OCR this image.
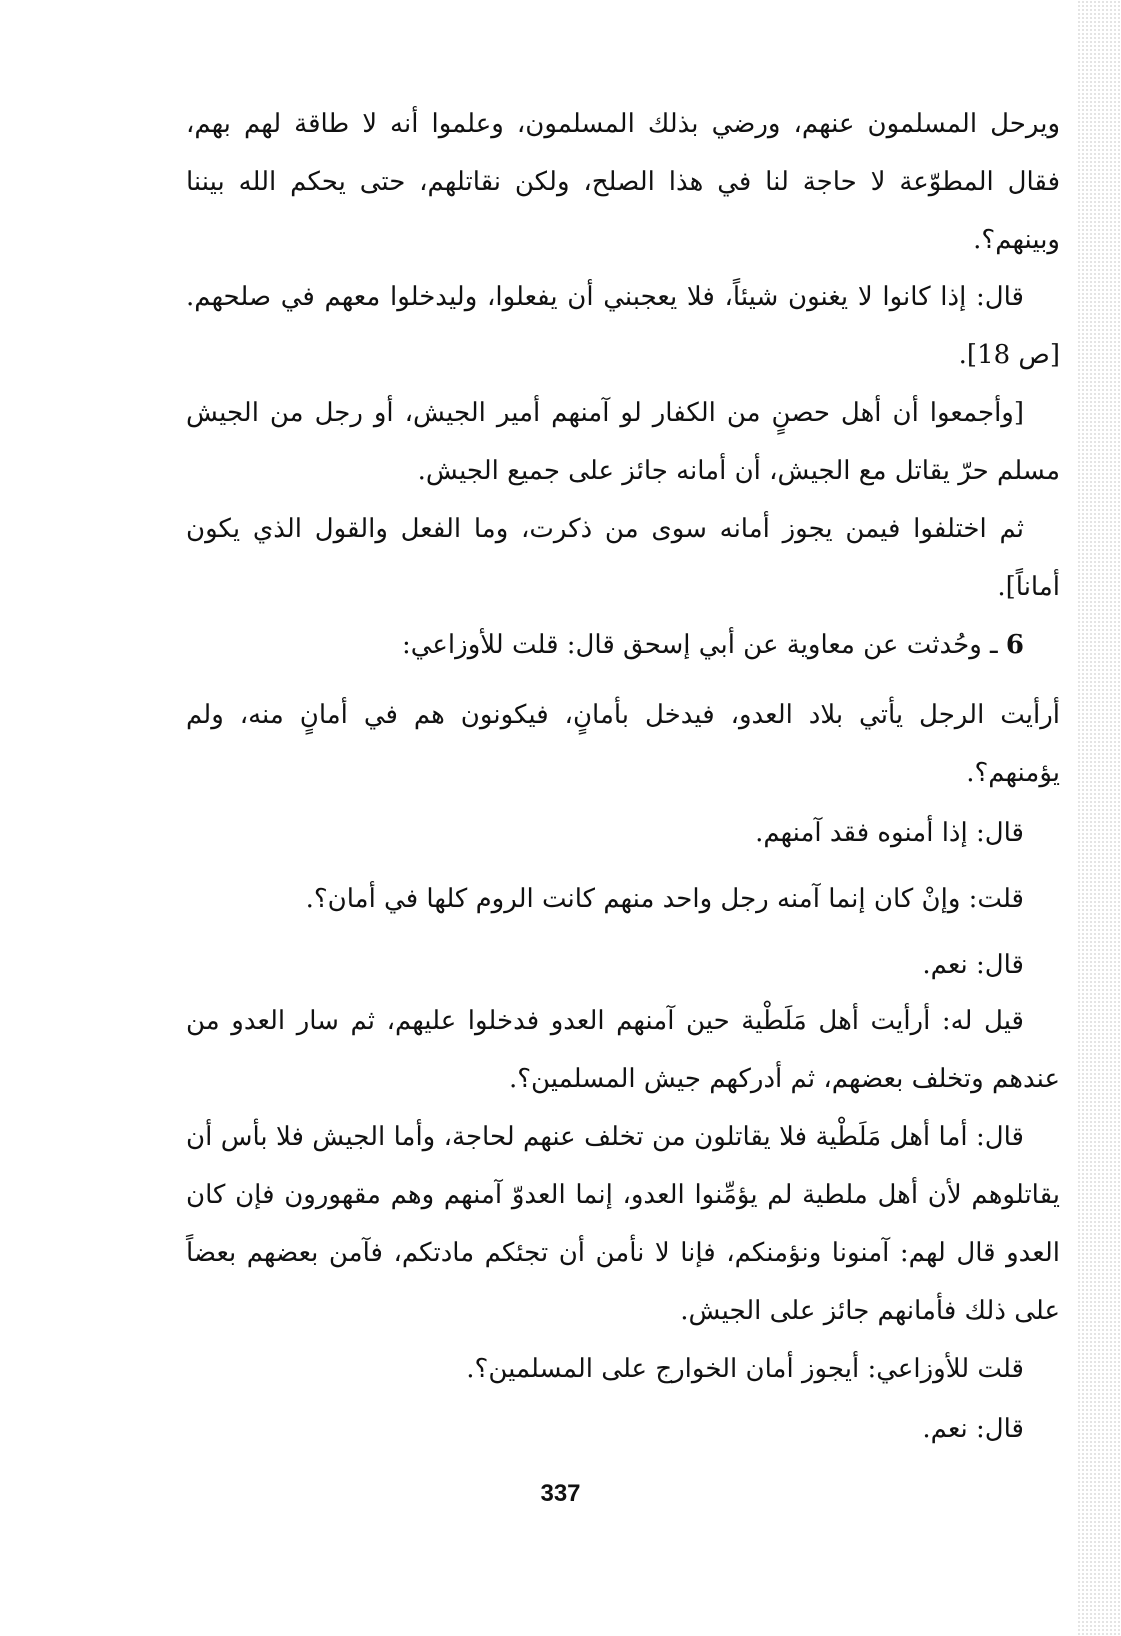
ويرحل المسلمون عنهم، ورضي بذلك المسلمون، وعلموا أنه لا طاقة لهم بهم، فقال المطوّعة لا حاجة لنا في هذا الصلح، ولكن نقاتلهم، حتى يحكم الله بيننا وبينهم؟.
قال: إذا كانوا لا يغنون شيئاً، فلا يعجبني أن يفعلوا، وليدخلوا معهم في صلحهم. [ص 18].
[وأجمعوا أن أهل حصنٍ من الكفار لو آمنهم أمير الجيش، أو رجل من الجيش مسلم حرّ يقاتل مع الجيش، أن أمانه جائز على جميع الجيش.
ثم اختلفوا فيمن يجوز أمانه سوى من ذكرت، وما الفعل والقول الذي يكون أماناً].
6 ـ وحُدثت عن معاوية عن أبي إسحق قال: قلت للأوزاعي:
أرأيت الرجل يأتي بلاد العدو، فيدخل بأمانٍ، فيكونون هم في أمانٍ منه، ولم يؤمنهم؟.
قال: إذا أمنوه فقد آمنهم.
قلت: وإنْ كان إنما آمنه رجل واحد منهم كانت الروم كلها في أمان؟.
قال: نعم.
قيل له: أرأيت أهل مَلَطْية حين آمنهم العدو فدخلوا عليهم، ثم سار العدو من عندهم وتخلف بعضهم، ثم أدركهم جيش المسلمين؟.
قال: أما أهل مَلَطْية فلا يقاتلون من تخلف عنهم لحاجة، وأما الجيش فلا بأس أن يقاتلوهم لأن أهل ملطية لم يؤمِّنوا العدو، إنما العدوّ آمنهم وهم مقهورون فإن كان العدو قال لهم: آمنونا ونؤمنكم، فإنا لا نأمن أن تجئكم مادتكم، فآمن بعضهم بعضاً على ذلك فأمانهم جائز على الجيش.
قلت للأوزاعي: أيجوز أمان الخوارج على المسلمين؟.
قال: نعم.
337
